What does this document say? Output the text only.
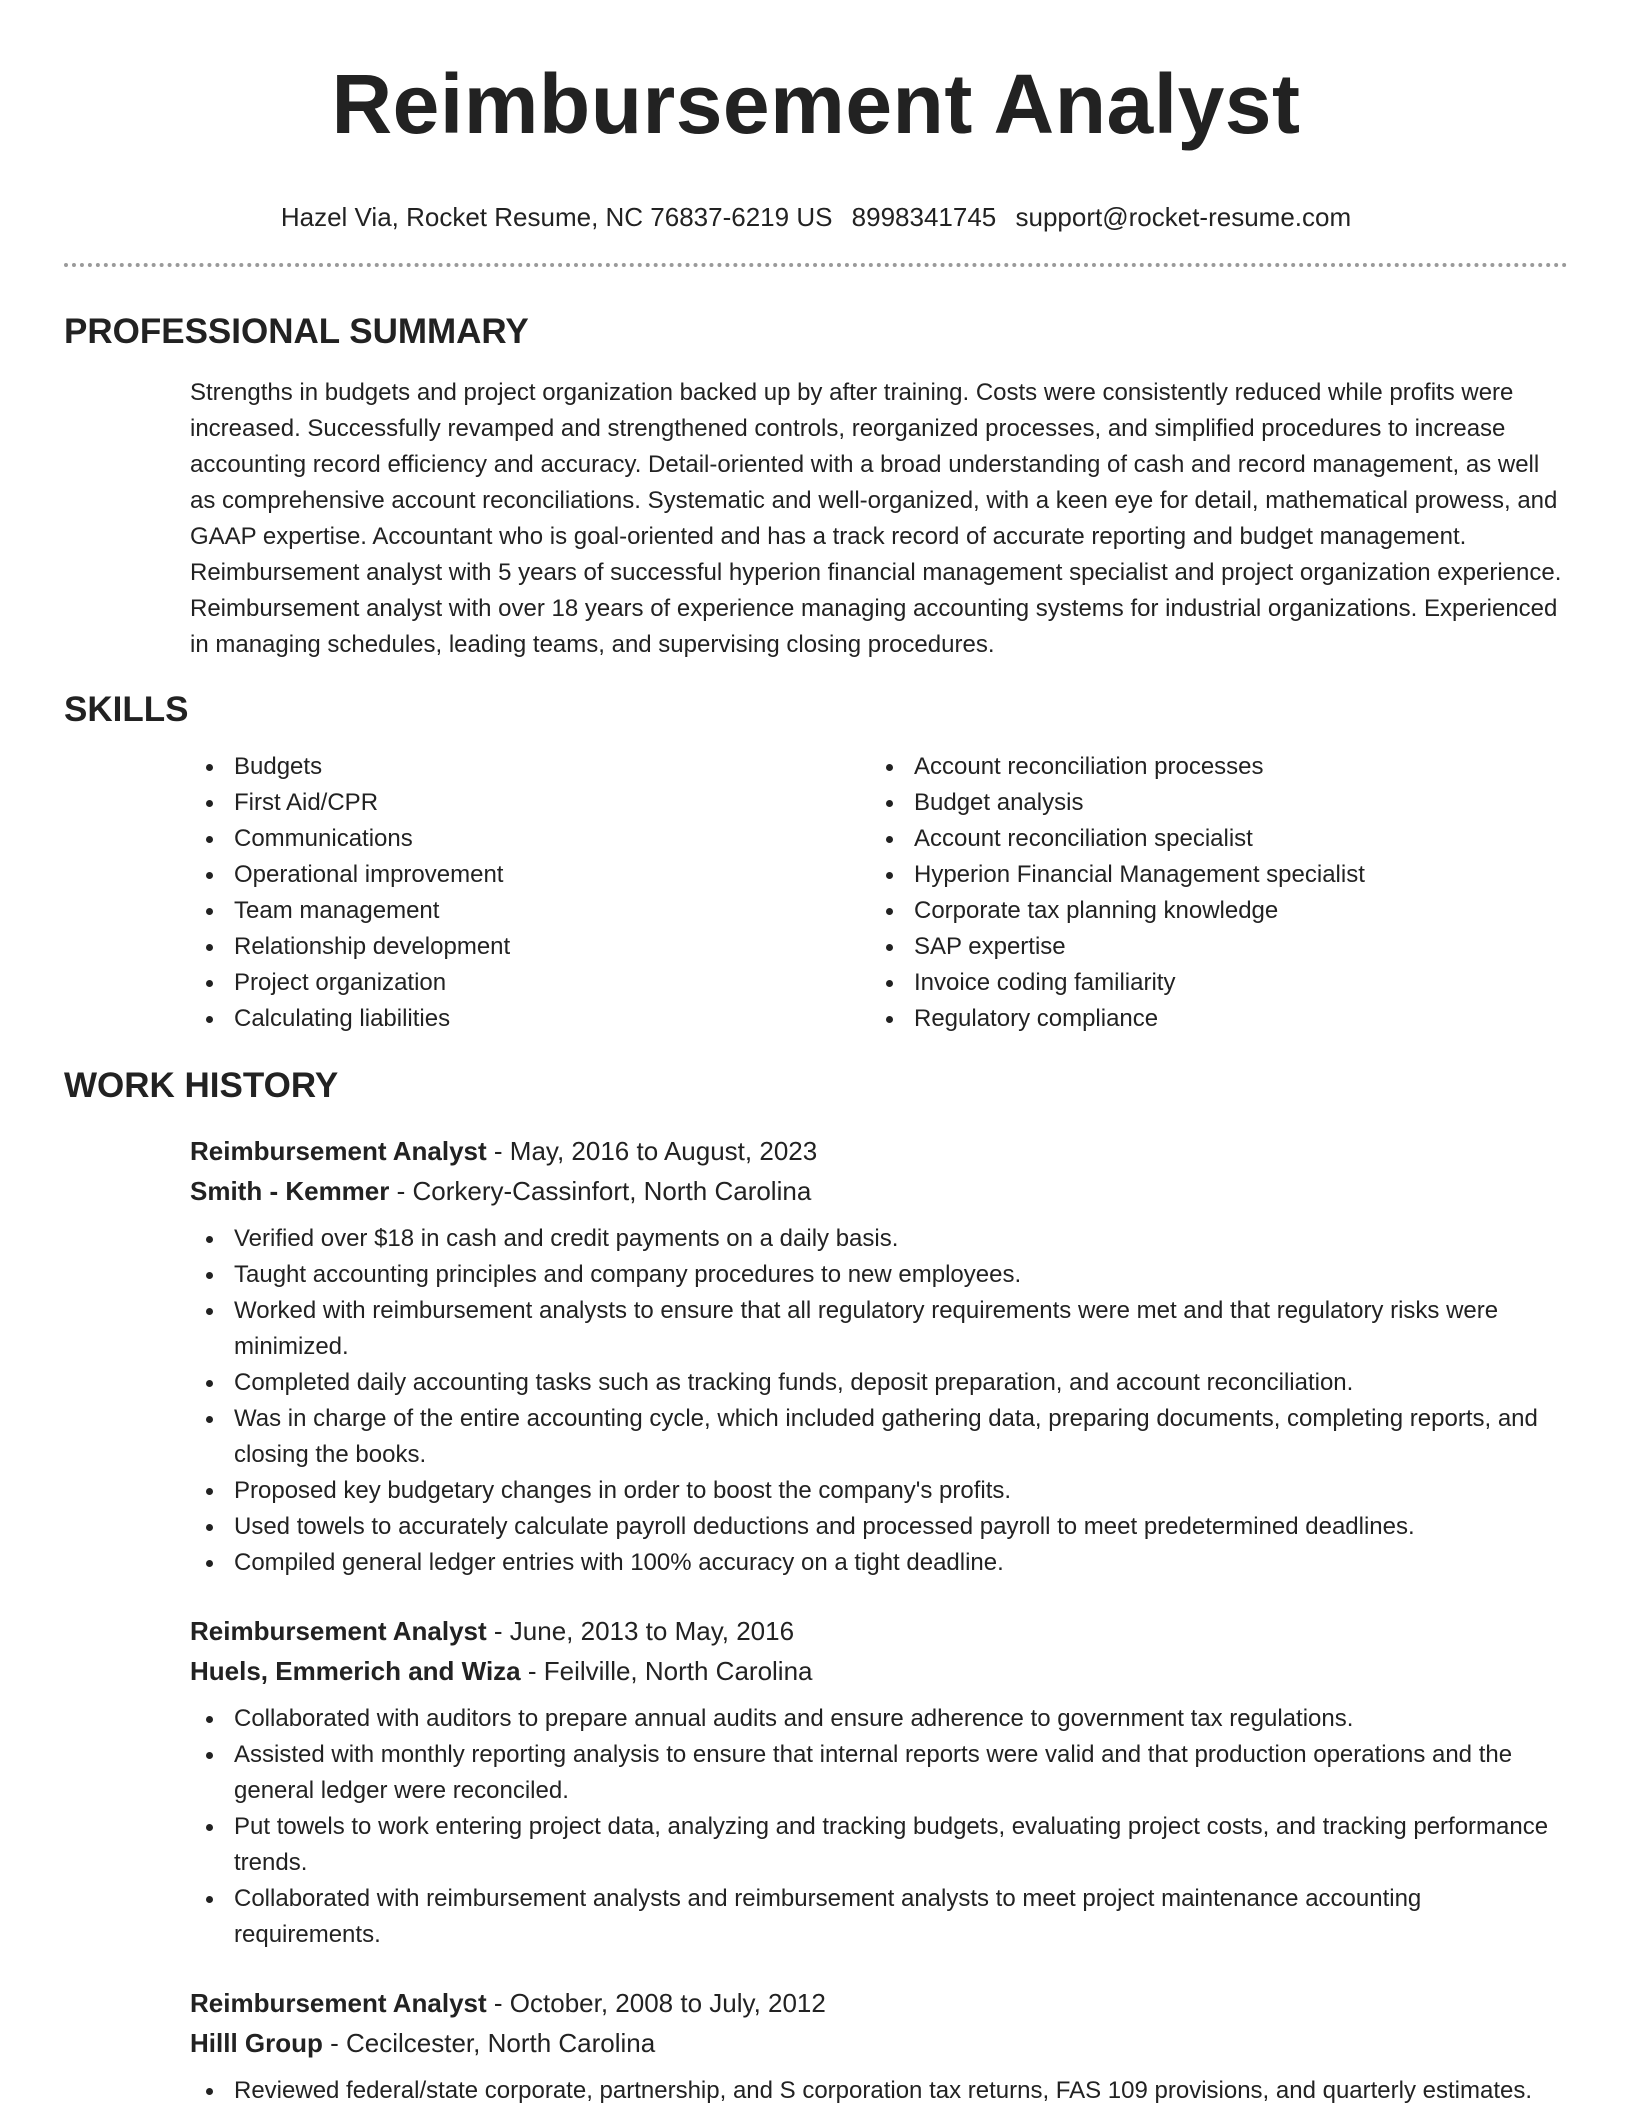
Reimbursement Analyst
Hazel Via, Rocket Resume, NC 76837-6219 US 8998341745 support@rocket-resume.com
PROFESSIONAL SUMMARY
Strengths in budgets and project organization backed up by after training. Costs were consistently reduced while profits were increased. Successfully revamped and strengthened controls, reorganized processes, and simplified procedures to increase accounting record efficiency and accuracy. Detail-oriented with a broad understanding of cash and record management, as well as comprehensive account reconciliations. Systematic and well-organized, with a keen eye for detail, mathematical prowess, and GAAP expertise. Accountant who is goal-oriented and has a track record of accurate reporting and budget management. Reimbursement analyst with 5 years of successful hyperion financial management specialist and project organization experience. Reimbursement analyst with over 18 years of experience managing accounting systems for industrial organizations. Experienced in managing schedules, leading teams, and supervising closing procedures.
SKILLS
Budgets
First Aid/CPR
Communications
Operational improvement
Team management
Relationship development
Project organization
Calculating liabilities
Account reconciliation processes
Budget analysis
Account reconciliation specialist
Hyperion Financial Management specialist
Corporate tax planning knowledge
SAP expertise
Invoice coding familiarity
Regulatory compliance
WORK HISTORY
Reimbursement Analyst - May, 2016 to August, 2023
Smith - Kemmer - Corkery-Cassinfort, North Carolina
Verified over $18 in cash and credit payments on a daily basis.
Taught accounting principles and company procedures to new employees.
Worked with reimbursement analysts to ensure that all regulatory requirements were met and that regulatory risks were minimized.
Completed daily accounting tasks such as tracking funds, deposit preparation, and account reconciliation.
Was in charge of the entire accounting cycle, which included gathering data, preparing documents, completing reports, and closing the books.
Proposed key budgetary changes in order to boost the company's profits.
Used towels to accurately calculate payroll deductions and processed payroll to meet predetermined deadlines.
Compiled general ledger entries with 100% accuracy on a tight deadline.
Reimbursement Analyst - June, 2013 to May, 2016
Huels, Emmerich and Wiza - Feilville, North Carolina
Collaborated with auditors to prepare annual audits and ensure adherence to government tax regulations.
Assisted with monthly reporting analysis to ensure that internal reports were valid and that production operations and the general ledger were reconciled.
Put towels to work entering project data, analyzing and tracking budgets, evaluating project costs, and tracking performance trends.
Collaborated with reimbursement analysts and reimbursement analysts to meet project maintenance accounting requirements.
Reimbursement Analyst - October, 2008 to July, 2012
Hilll Group - Cecilcester, North Carolina
Reviewed federal/state corporate, partnership, and S corporation tax returns, FAS 109 provisions, and quarterly estimates.
